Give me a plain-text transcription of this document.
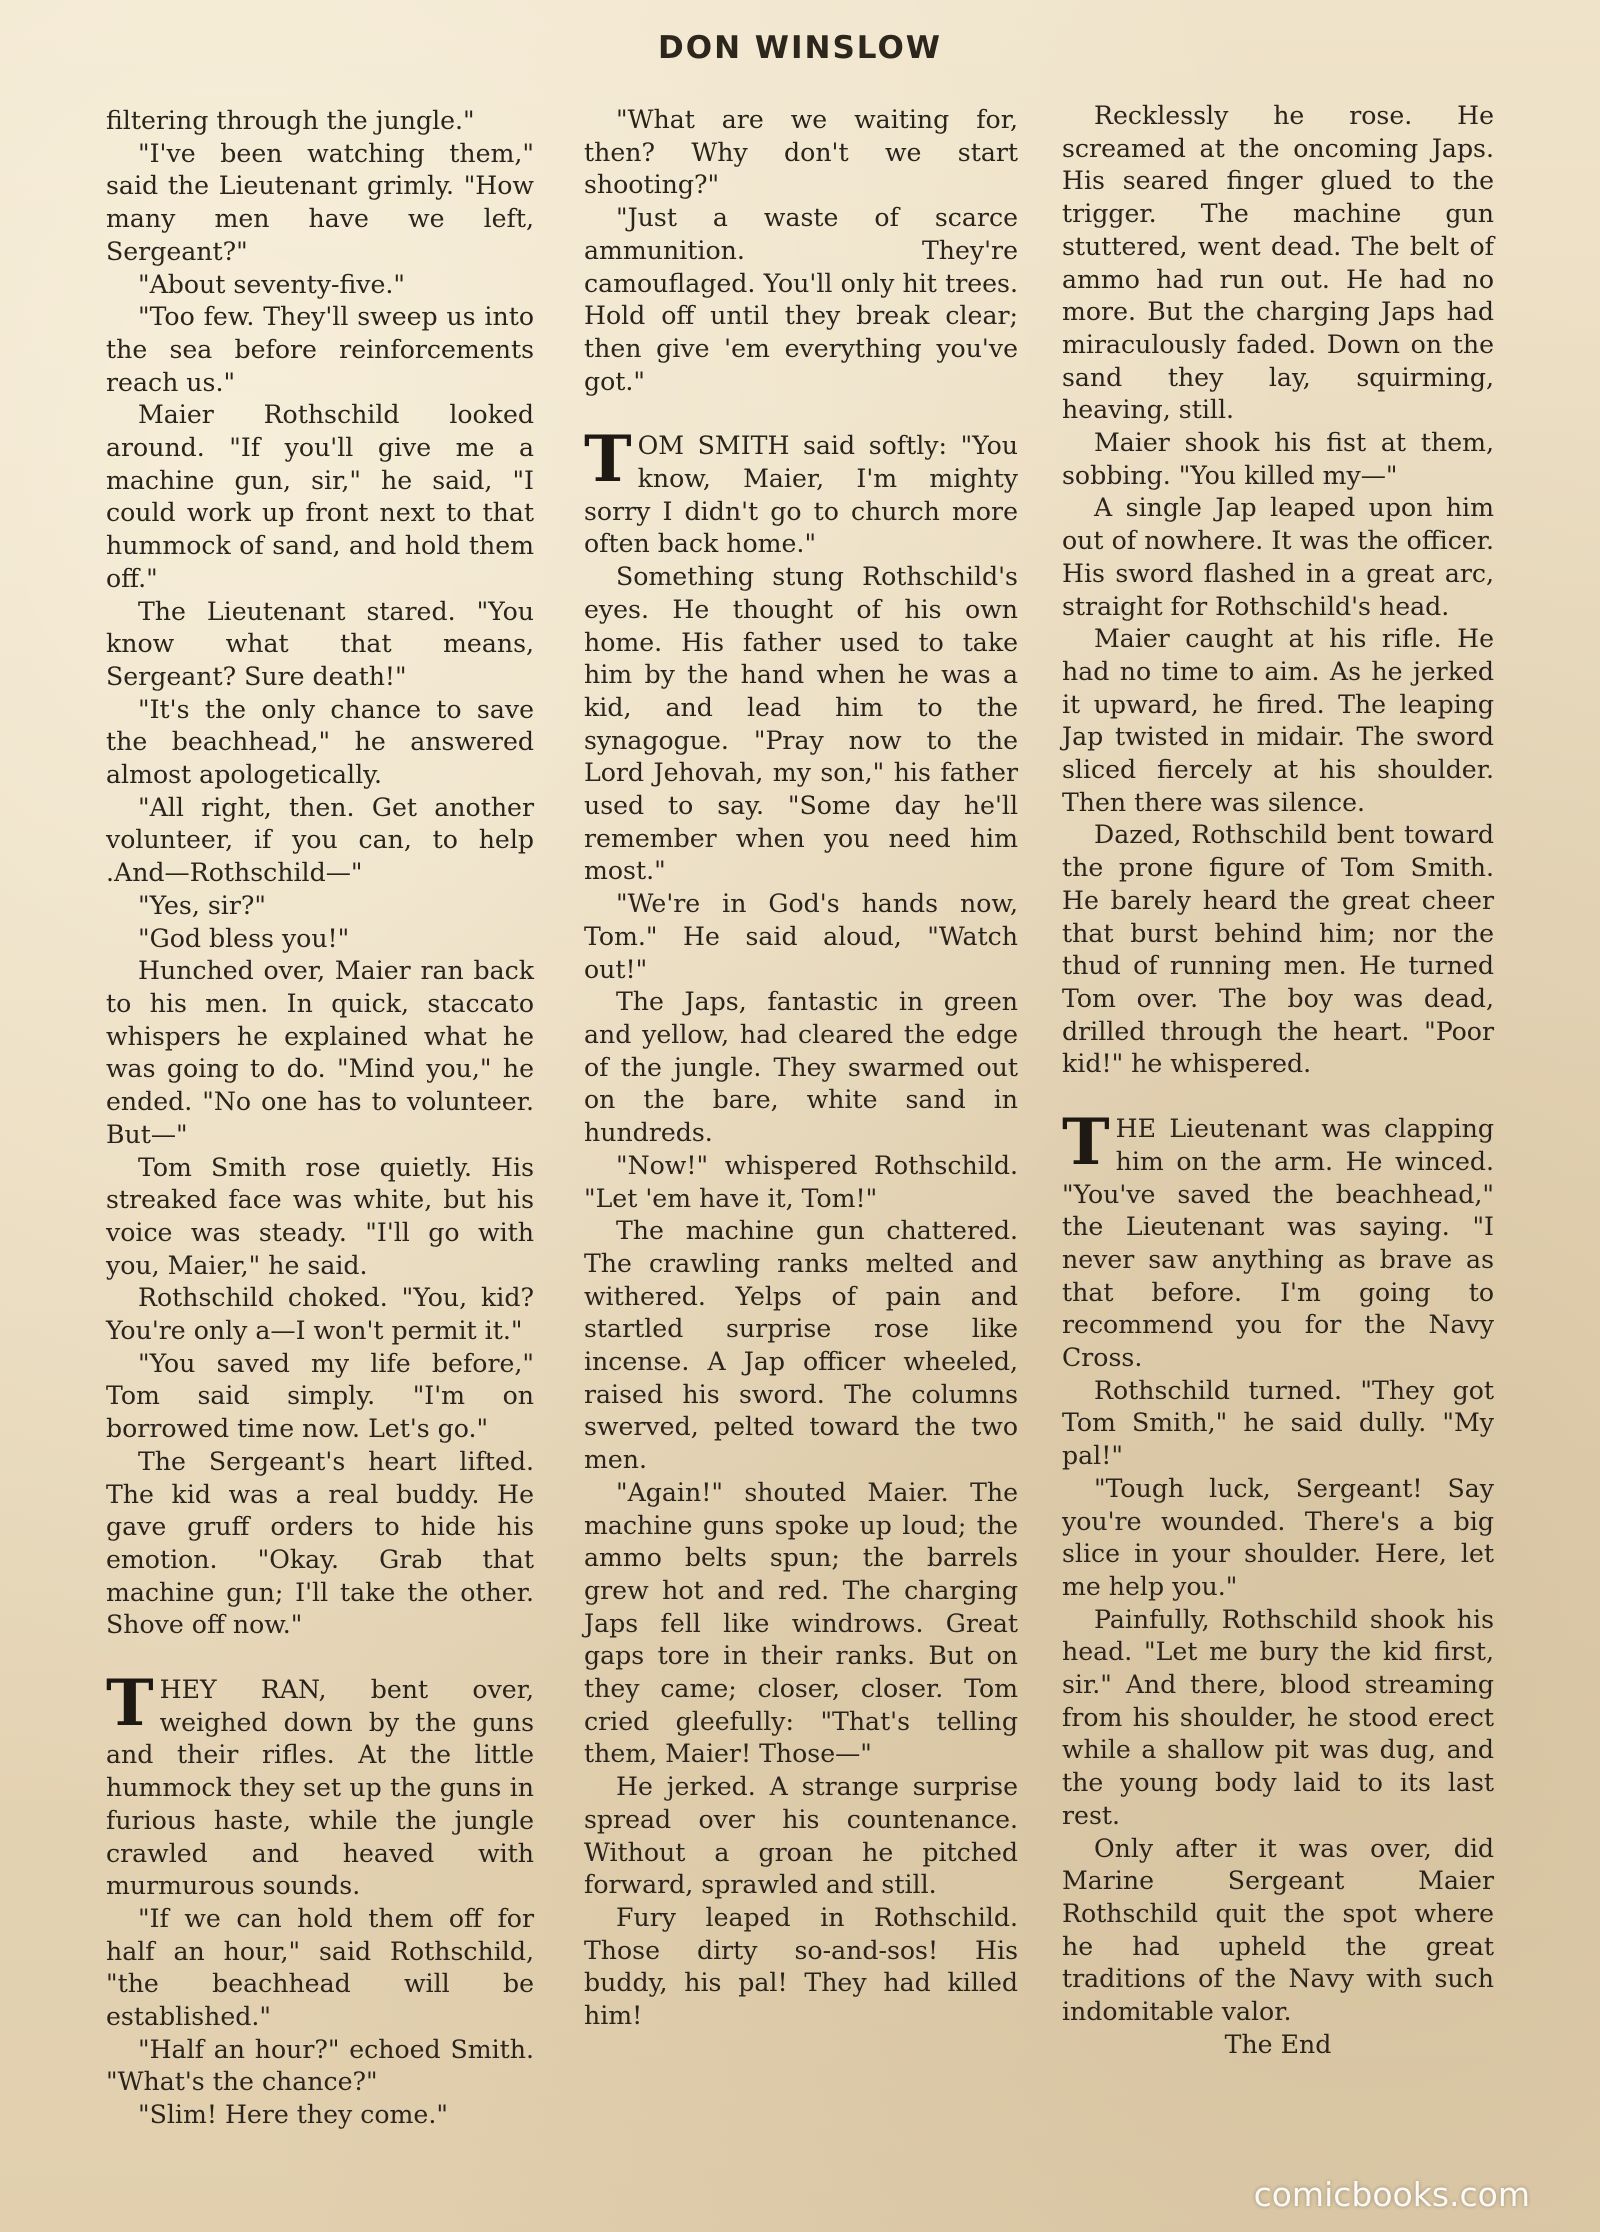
DON WINSLOW

filtering through the jungle."

"I've been watching them," said the Lieutenant grimly. "How many men have we left, Sergeant?"

"About seventy-five."

"Too few. They'll sweep us into the sea before reinforcements reach us."

Maier Rothschild looked around. "If you'll give me a machine gun, sir," he said, "I could work up front next to that hummock of sand, and hold them off."

The Lieutenant stared. "You know what that means, Sergeant? Sure death!"

"It's the only chance to save the beachhead," he answered almost apologetically.

"All right, then. Get another volunteer, if you can, to help .And—Rothschild—"

"Yes, sir?"

"God bless you!"

Hunched over, Maier ran back to his men. In quick, staccato whispers he explained what he was going to do. "Mind you," he ended. "No one has to volunteer. But—"

Tom Smith rose quietly. His streaked face was white, but his voice was steady. "I'll go with you, Maier," he said.

Rothschild choked. "You, kid? You're only a—I won't permit it."

"You saved my life before," Tom said simply. "I'm on borrowed time now. Let's go."

The Sergeant's heart lifted. The kid was a real buddy. He gave gruff orders to hide his emotion. "Okay. Grab that machine gun; I'll take the other. Shove off now."

THEY RAN, bent over, weighed down by the guns and their rifles. At the little hummock they set up the guns in furious haste, while the jungle crawled and heaved with murmurous sounds.

"If we can hold them off for half an hour," said Rothschild, "the beachhead will be established."

"Half an hour?" echoed Smith. "What's the chance?"

"Slim! Here they come."

"What are we waiting for, then? Why don't we start shooting?"

"Just a waste of scarce ammunition. They're camouflaged. You'll only hit trees. Hold off until they break clear; then give 'em everything you've got."

TOM SMITH said softly: "You know, Maier, I'm mighty sorry I didn't go to church more often back home."

Something stung Rothschild's eyes. He thought of his own home. His father used to take him by the hand when he was a kid, and lead him to the synagogue. "Pray now to the Lord Jehovah, my son," his father used to say. "Some day he'll remember when you need him most."

"We're in God's hands now, Tom." He said aloud, "Watch out!"

The Japs, fantastic in green and yellow, had cleared the edge of the jungle. They swarmed out on the bare, white sand in hundreds.

"Now!" whispered Rothschild. "Let 'em have it, Tom!"

The machine gun chattered. The crawling ranks melted and withered. Yelps of pain and startled surprise rose like incense. A Jap officer wheeled, raised his sword. The columns swerved, pelted toward the two men.

"Again!" shouted Maier. The machine guns spoke up loud; the ammo belts spun; the barrels grew hot and red. The charging Japs fell like windrows. Great gaps tore in their ranks. But on they came; closer, closer. Tom cried gleefully: "That's telling them, Maier! Those—"

He jerked. A strange surprise spread over his countenance. Without a groan he pitched forward, sprawled and still.

Fury leaped in Rothschild. Those dirty so-and-sos! His buddy, his pal! They had killed him!

Recklessly he rose. He screamed at the oncoming Japs. His seared finger glued to the trigger. The machine gun stuttered, went dead. The belt of ammo had run out. He had no more. But the charging Japs had miraculously faded. Down on the sand they lay, squirming, heaving, still.

Maier shook his fist at them, sobbing. "You killed my—"

A single Jap leaped upon him out of nowhere. It was the officer. His sword flashed in a great arc, straight for Rothschild's head.

Maier caught at his rifle. He had no time to aim. As he jerked it upward, he fired. The leaping Jap twisted in midair. The sword sliced fiercely at his shoulder. Then there was silence.

Dazed, Rothschild bent toward the prone figure of Tom Smith. He barely heard the great cheer that burst behind him; nor the thud of running men. He turned Tom over. The boy was dead, drilled through the heart. "Poor kid!" he whispered.

THE Lieutenant was clapping him on the arm. He winced. "You've saved the beachhead," the Lieutenant was saying. "I never saw anything as brave as that before. I'm going to recommend you for the Navy Cross.

Rothschild turned. "They got Tom Smith," he said dully. "My pal!"

"Tough luck, Sergeant! Say you're wounded. There's a big slice in your shoulder. Here, let me help you."

Painfully, Rothschild shook his head. "Let me bury the kid first, sir." And there, blood streaming from his shoulder, he stood erect while a shallow pit was dug, and the young body laid to its last rest.

Only after it was over, did Marine Sergeant Maier Rothschild quit the spot where he had upheld the great traditions of the Navy with such indomitable valor.

The End

comicbooks.com
